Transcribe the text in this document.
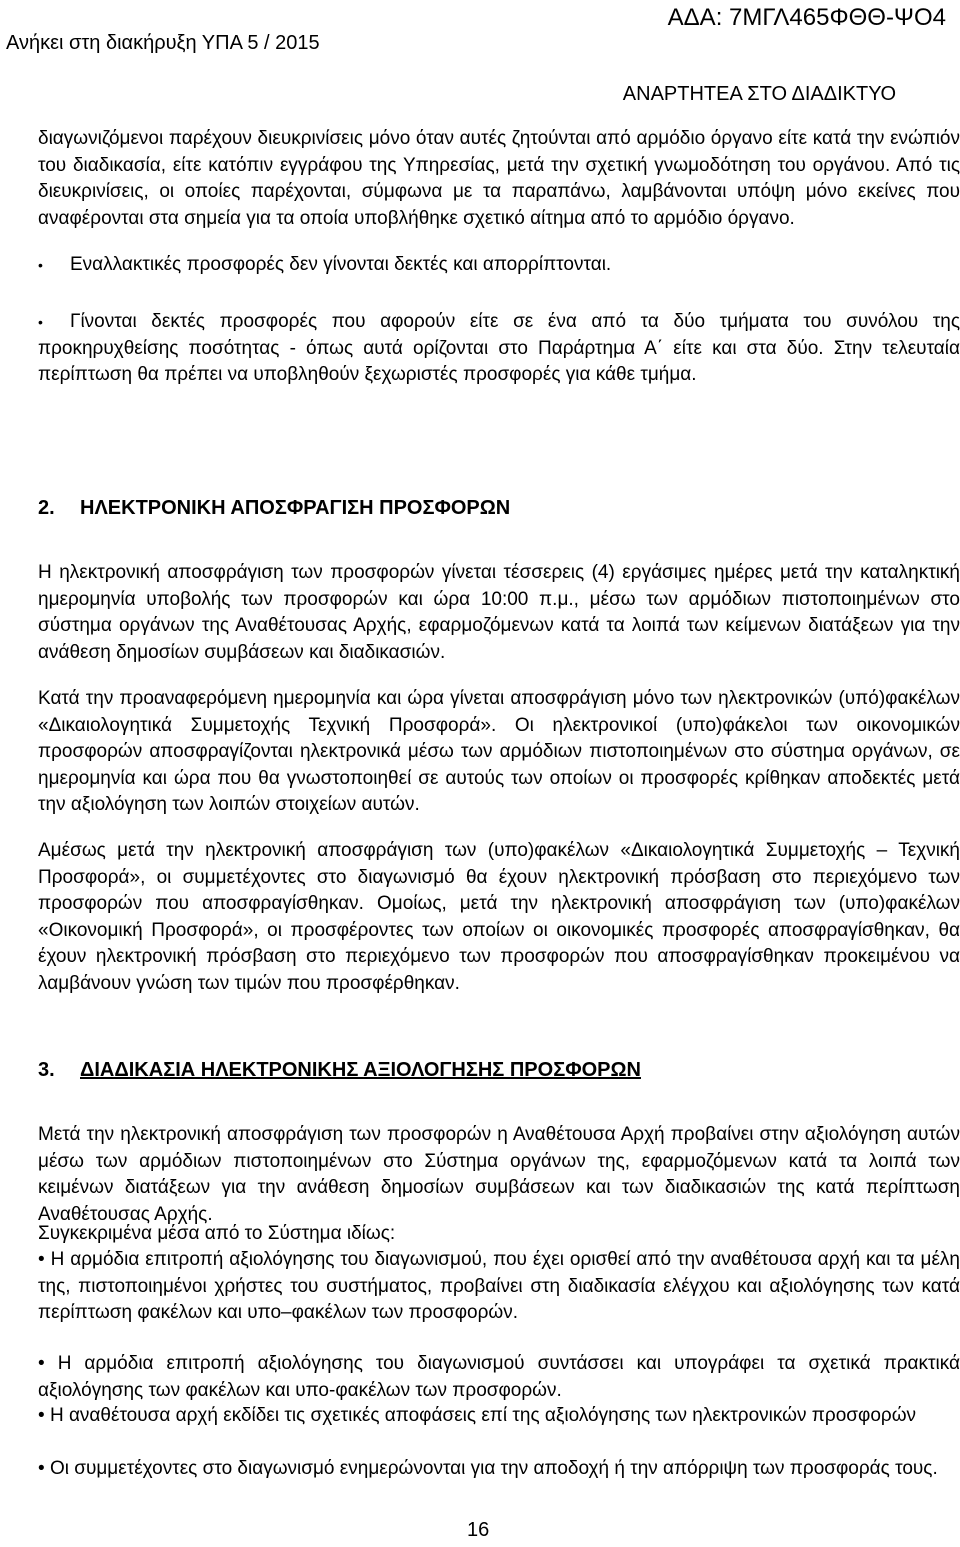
Ανήκει στη διακήρυξη ΥΠΑ 5 / 2015
ΑΔΑ: 7ΜΓΛ465ΦΘΘ-ΨΟ4
ΑΝΑΡΤΗΤΕΑ ΣΤΟ ΔΙΑΔΙΚΤΥΟ

διαγωνιζόμενοι παρέχουν διευκρινίσεις μόνο όταν αυτές ζητούνται από αρμόδιο όργανο είτε κατά την ενώπιόν του διαδικασία, είτε κατόπιν εγγράφου της Υπηρεσίας, μετά την σχετική γνωμοδότηση του οργάνου. Από τις διευκρινίσεις, οι οποίες παρέχονται, σύμφωνα με τα παραπάνω, λαμβάνονται υπόψη μόνο εκείνες που αναφέρονται στα σημεία για τα οποία υποβλήθηκε σχετικό αίτημα από το αρμόδιο όργανο.

•	Εναλλακτικές προσφορές δεν γίνονται δεκτές και απορρίπτονται.
•	Γίνονται δεκτές προσφορές που αφορούν είτε σε ένα από τα δύο τμήματα του συνόλου της προκηρυχθείσης ποσότητας - όπως αυτά ορίζονται στο Παράρτημα Α΄ είτε και στα δύο. Στην τελευταία περίπτωση θα πρέπει να υποβληθούν ξεχωριστές προσφορές για κάθε τμήμα.
2. ΗΛΕΚΤΡΟΝΙΚΗ ΑΠΟΣΦΡΑΓΙΣΗ ΠΡΟΣΦΟΡΩΝ

Η ηλεκτρονική αποσφράγιση των προσφορών γίνεται τέσσερεις (4) εργάσιμες ημέρες μετά την καταληκτική ημερομηνία υποβολής των προσφορών και ώρα 10:00 π.μ., μέσω των αρμόδιων πιστοποιημένων στο σύστημα οργάνων της Αναθέτουσας Αρχής, εφαρμοζόμενων κατά τα λοιπά των κείμενων διατάξεων για την ανάθεση δημοσίων συμβάσεων και διαδικασιών.

Κατά την προαναφερόμενη ημερομηνία και ώρα γίνεται αποσφράγιση μόνο των ηλεκτρονικών (υπό)φακέλων «Δικαιολογητικά Συμμετοχής Τεχνική Προσφορά». Οι ηλεκτρονικοί (υπο)φάκελοι των οικονομικών προσφορών αποσφραγίζονται ηλεκτρονικά μέσω των αρμόδιων πιστοποιημένων στο σύστημα οργάνων, σε ημερομηνία και ώρα που θα γνωστοποιηθεί σε αυτούς των οποίων οι προσφορές κρίθηκαν αποδεκτές μετά την αξιολόγηση των λοιπών στοιχείων αυτών.

Αμέσως μετά την ηλεκτρονική αποσφράγιση των (υπο)φακέλων «Δικαιολογητικά Συμμετοχής – Τεχνική Προσφορά», οι συμμετέχοντες στο διαγωνισμό θα έχουν ηλεκτρονική πρόσβαση στο περιεχόμενο των προσφορών που αποσφραγίσθηκαν. Ομοίως, μετά την ηλεκτρονική αποσφράγιση των (υπο)φακέλων «Οικονομική Προσφορά», οι προσφέροντες των οποίων οι οικονομικές προσφορές αποσφραγίσθηκαν, θα έχουν ηλεκτρονική πρόσβαση στο περιεχόμενο των προσφορών που αποσφραγίσθηκαν προκειμένου να λαμβάνουν γνώση των τιμών που προσφέρθηκαν.

3. ΔΙΑΔΙΚΑΣΙΑ ΗΛΕΚΤΡΟΝΙΚΗΣ ΑΞΙΟΛΟΓΗΣΗΣ ΠΡΟΣΦΟΡΩΝ

Μετά την ηλεκτρονική αποσφράγιση των προσφορών η Αναθέτουσα Αρχή προβαίνει στην αξιολόγηση αυτών μέσω των αρμόδιων πιστοποιημένων στο Σύστημα οργάνων της, εφαρμοζόμενων κατά τα λοιπά των κειμένων διατάξεων για την ανάθεση δημοσίων συμβάσεων και των διαδικασιών της κατά περίπτωση Αναθέτουσας Αρχής.

Συγκεκριμένα μέσα από το Σύστημα ιδίως:

• Η αρμόδια επιτροπή αξιολόγησης του διαγωνισμού, που έχει ορισθεί από την αναθέτουσα αρχή και τα μέλη της, πιστοποιημένοι χρήστες του συστήματος, προβαίνει στη διαδικασία ελέγχου και αξιολόγησης των κατά περίπτωση φακέλων και υπο–φακέλων των προσφορών.

• Η αρμόδια επιτροπή αξιολόγησης του διαγωνισμού συντάσσει και υπογράφει τα σχετικά πρακτικά αξιολόγησης των φακέλων και υπο-φακέλων των προσφορών.

• Η αναθέτουσα αρχή εκδίδει τις σχετικές αποφάσεις επί της αξιολόγησης των ηλεκτρονικών προσφορών

• Οι συμμετέχοντες στο διαγωνισμό ενημερώνονται για την αποδοχή ή την απόρριψη των προσφοράς τους.

16
